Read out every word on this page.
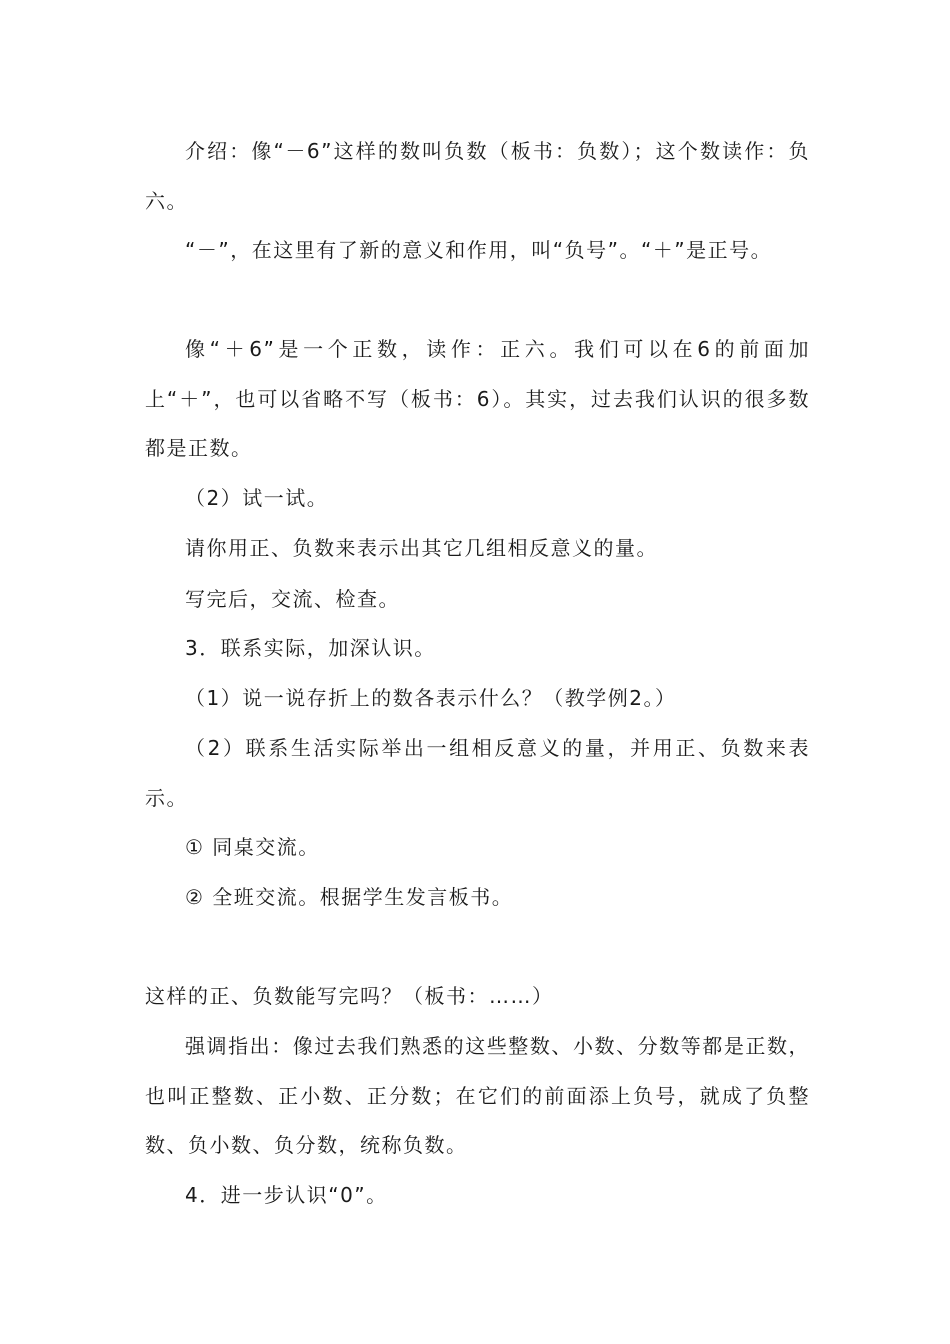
介绍：像“－6”这样的数叫负数（板书：负数）；这个数读作：负六。

“－”，在这里有了新的意义和作用，叫“负号”。“＋”是正号。

像“＋6”是一个正数，读作：正六。我们可以在6的前面加上“＋”，也可以省略不写（板书：6）。其实，过去我们认识的很多数都是正数。

（2）试一试。

请你用正、负数来表示出其它几组相反意义的量。

写完后，交流、检查。

3．联系实际，加深认识。

（1）说一说存折上的数各表示什么？（教学例2。）

（2）联系生活实际举出一组相反意义的量，并用正、负数来表示。

① 同桌交流。

② 全班交流。根据学生发言板书。

这样的正、负数能写完吗？（板书：……）

强调指出：像过去我们熟悉的这些整数、小数、分数等都是正数，也叫正整数、正小数、正分数；在它们的前面添上负号，就成了负整数、负小数、负分数，统称负数。

4．进一步认识“0”。
